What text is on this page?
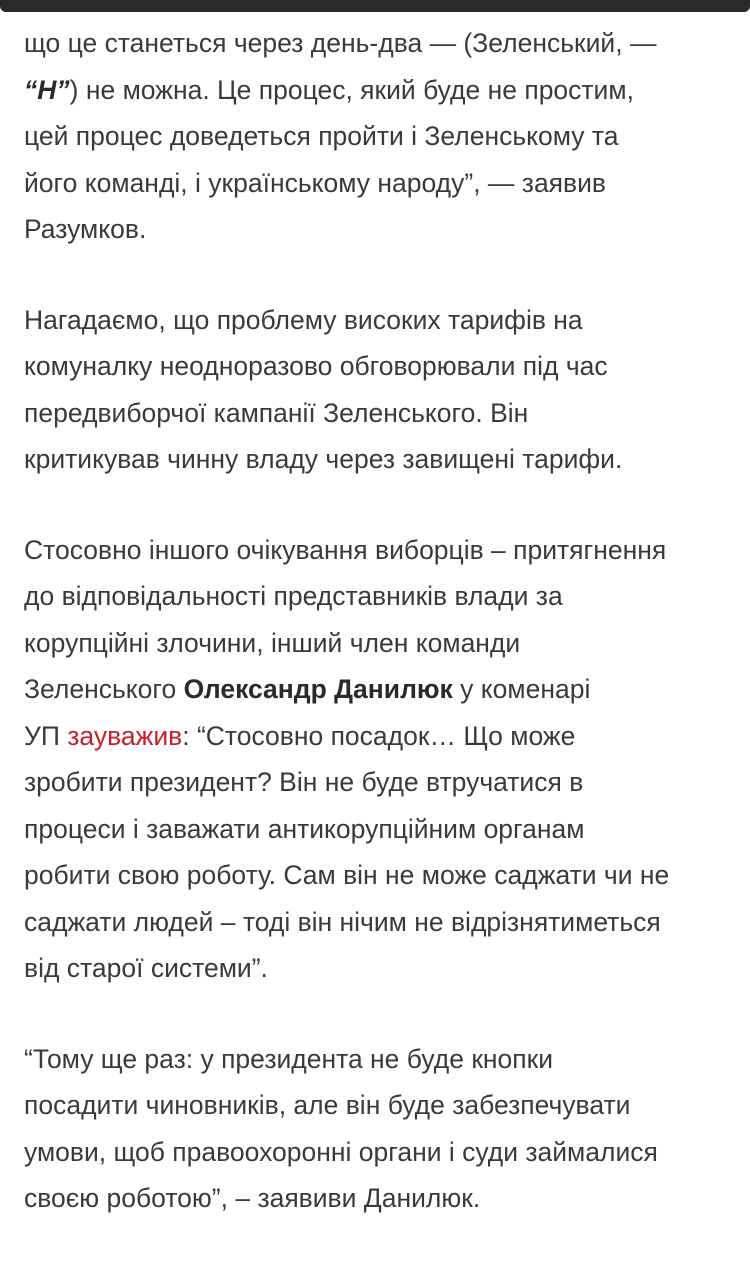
що це станеться через день-два — (Зеленський, —
“Н”) не можна. Це процес, який буде не простим,
цей процес доведеться пройти і Зеленському та
його команді, і українському народу”, — заявив
Разумков.

Нагадаємо, що проблему високих тарифів на
комуналку неодноразово обговорювали під час
передвиборчої кампанії Зеленського. Він
критикував чинну владу через завищені тарифи.

Стосовно іншого очікування виборців – притягнення
до відповідальності представників влади за
корупційні злочини, інший член команди
Зеленського Олександр Данилюк у коменарі
УП зауважив: “Стосовно посадок… Що може
зробити президент? Він не буде втручатися в
процеси і заважати антикорупційним органам
робити свою роботу. Сам він не може саджати чи не
саджати людей – тоді він нічим не відрізнятиметься
від старої системи”.

“Тому ще раз: у президента не буде кнопки
посадити чиновників, але він буде забезпечувати
умови, щоб правоохоронні органи і суди займалися
своєю роботою”, – заявиви Данилюк.
